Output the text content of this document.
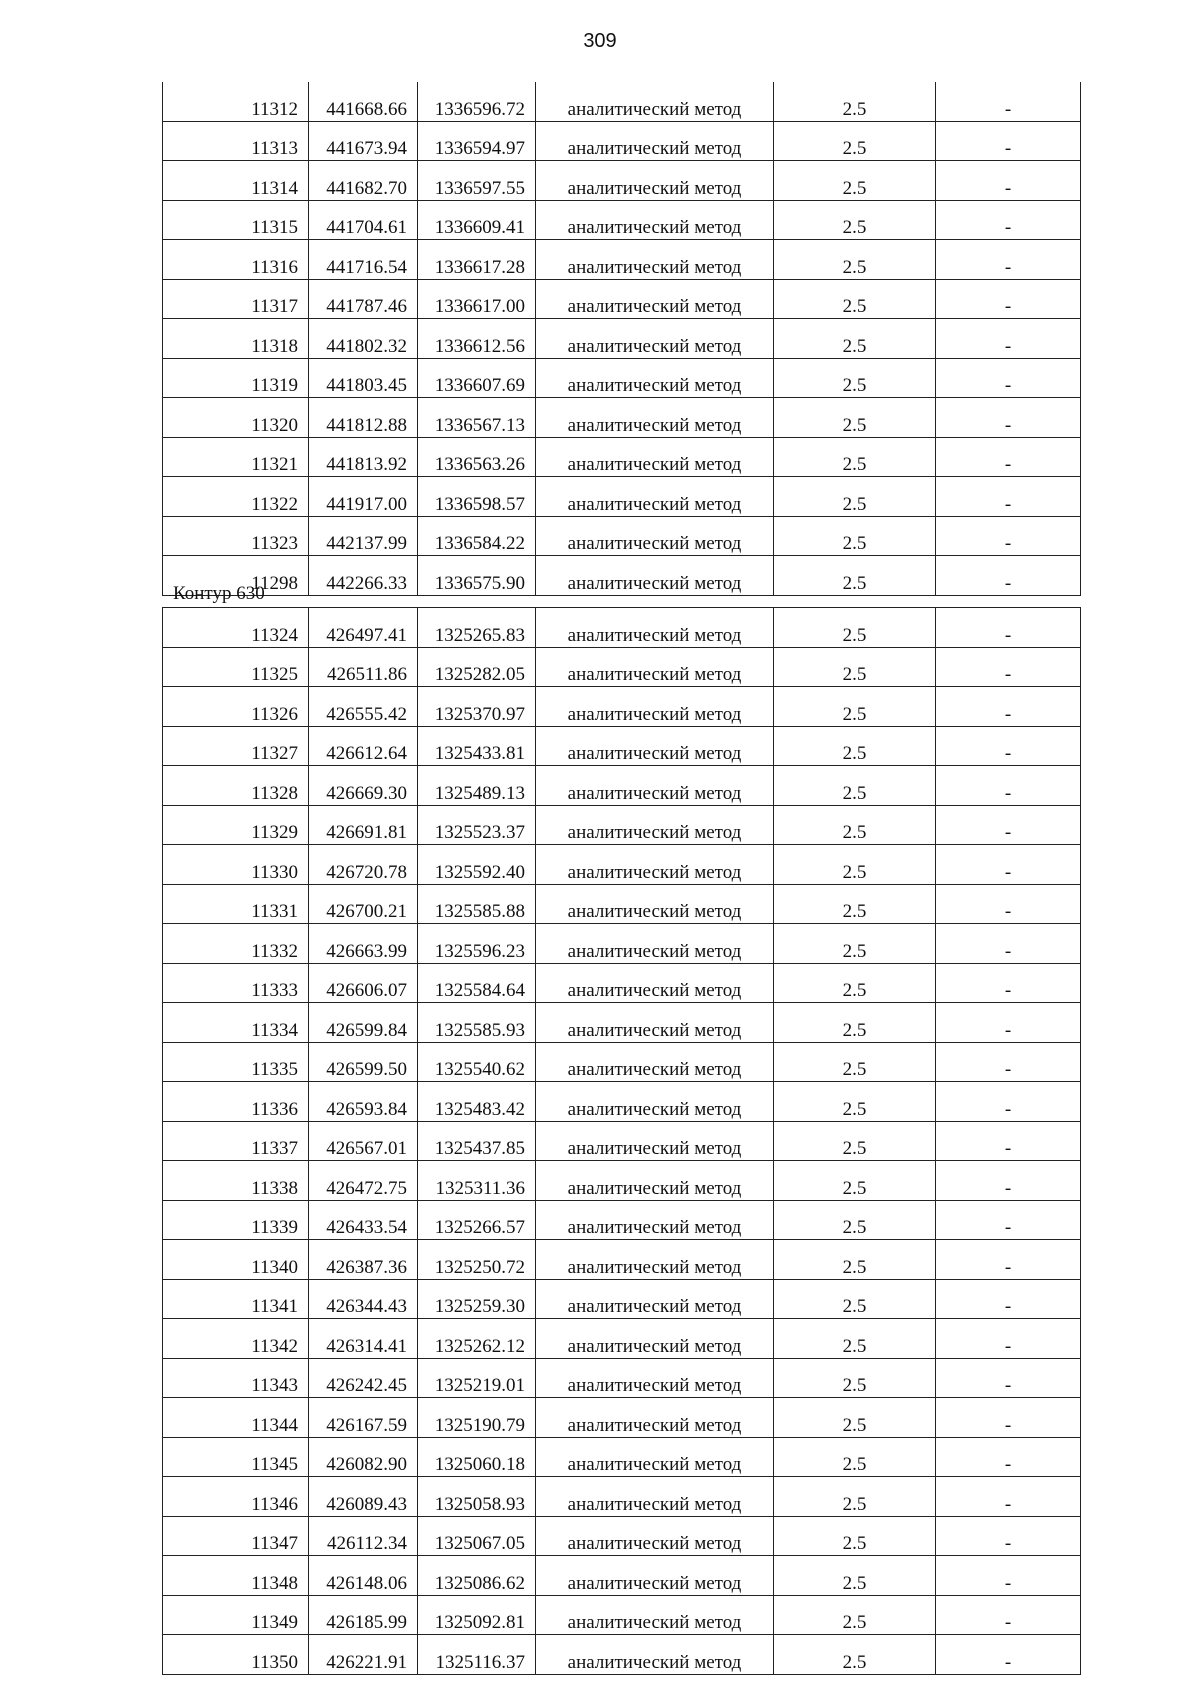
309
11312	441668.66	1336596.72	аналитический метод	2.5	-
11313	441673.94	1336594.97	аналитический метод	2.5	-
11314	441682.70	1336597.55	аналитический метод	2.5	-
11315	441704.61	1336609.41	аналитический метод	2.5	-
11316	441716.54	1336617.28	аналитический метод	2.5	-
11317	441787.46	1336617.00	аналитический метод	2.5	-
11318	441802.32	1336612.56	аналитический метод	2.5	-
11319	441803.45	1336607.69	аналитический метод	2.5	-
11320	441812.88	1336567.13	аналитический метод	2.5	-
11321	441813.92	1336563.26	аналитический метод	2.5	-
11322	441917.00	1336598.57	аналитический метод	2.5	-
11323	442137.99	1336584.22	аналитический метод	2.5	-
11298	442266.33	1336575.90	аналитический метод	2.5	-
Контур 630
11324	426497.41	1325265.83	аналитический метод	2.5	-
11325	426511.86	1325282.05	аналитический метод	2.5	-
11326	426555.42	1325370.97	аналитический метод	2.5	-
11327	426612.64	1325433.81	аналитический метод	2.5	-
11328	426669.30	1325489.13	аналитический метод	2.5	-
11329	426691.81	1325523.37	аналитический метод	2.5	-
11330	426720.78	1325592.40	аналитический метод	2.5	-
11331	426700.21	1325585.88	аналитический метод	2.5	-
11332	426663.99	1325596.23	аналитический метод	2.5	-
11333	426606.07	1325584.64	аналитический метод	2.5	-
11334	426599.84	1325585.93	аналитический метод	2.5	-
11335	426599.50	1325540.62	аналитический метод	2.5	-
11336	426593.84	1325483.42	аналитический метод	2.5	-
11337	426567.01	1325437.85	аналитический метод	2.5	-
11338	426472.75	1325311.36	аналитический метод	2.5	-
11339	426433.54	1325266.57	аналитический метод	2.5	-
11340	426387.36	1325250.72	аналитический метод	2.5	-
11341	426344.43	1325259.30	аналитический метод	2.5	-
11342	426314.41	1325262.12	аналитический метод	2.5	-
11343	426242.45	1325219.01	аналитический метод	2.5	-
11344	426167.59	1325190.79	аналитический метод	2.5	-
11345	426082.90	1325060.18	аналитический метод	2.5	-
11346	426089.43	1325058.93	аналитический метод	2.5	-
11347	426112.34	1325067.05	аналитический метод	2.5	-
11348	426148.06	1325086.62	аналитический метод	2.5	-
11349	426185.99	1325092.81	аналитический метод	2.5	-
11350	426221.91	1325116.37	аналитический метод	2.5	-
